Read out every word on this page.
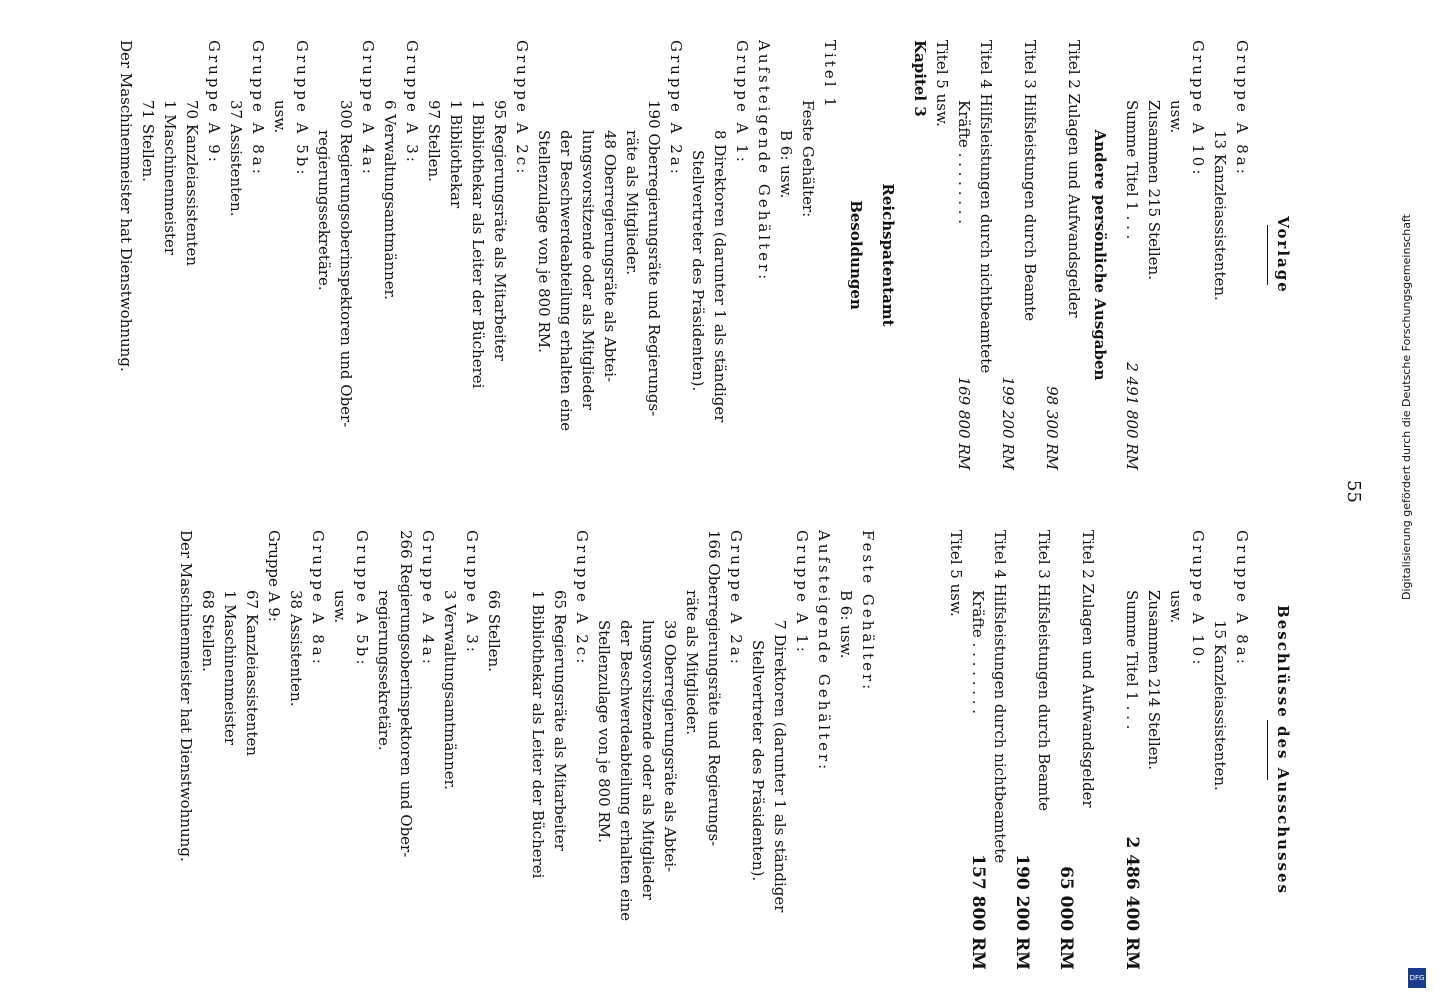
55
Vorlage
Gruppe A 8a:
13 Kanzleiassistenten.
Gruppe A 10:
usw.
Zusammen 215 Stellen.
2 491 800 RM
Summe Titel 1 . . .
Andere persönliche Ausgaben
Titel 2 Zulagen und Aufwandsgelder
98 300 RM

Titel 3 Hilfsleistungen durch Beamte
199 200 RM

Titel 4 Hilfsleistungen durch nichtbeamtete
169 800 RM
Kräfte . . . . . . . .
Titel 5 usw.
Kapitel 3
Reichspatentamt
Besoldungen
Titel 1
Feste Gehälter:
B 6: usw.
Aufsteigende Gehälter:
Gruppe A 1:
8 Direktoren (darunter 1 als ständiger
Stellvertreter des Präsidenten).
Gruppe A 2a:
190 Oberregierungsräte und Regierungs-
räte als Mitglieder.
48 Oberregierungsräte als Abtei-
lungsvorsitzende oder als Mitglieder
der Beschwerdeabteilung erhalten eine
Stellenzulage von je 800 RM.
Gruppe A 2c:
95 Regierungsräte als Mitarbeiter
1 Bibliothekar als Leiter der Bücherei
1 Bibliothekar
97 Stellen.
Gruppe A 3:
6 Verwaltungsamtmänner.
Gruppe A 4a:
300 Regierungsoberinspektoren und Ober-
regierungssekretäre.
Gruppe A 5b:
usw.
Gruppe A 8a:
37 Assistenten.
Gruppe A 9:
70 Kanzleiassistenten
1 Maschinenmeister
71 Stellen.
Der Maschinenmeister hat Dienstwohnung.
Beschlüsse des Ausschusses
Gruppe A 8a:
15 Kanzleiassistenten.
Gruppe A 10:
usw.
Zusammen 214 Stellen.
2 486 400 RM
Summe Titel 1 . . .

Titel 2 Zulagen und Aufwandsgelder
65 000 RM

Titel 3 Hilfsleistungen durch Beamte
190 200 RM

Titel 4 Hilfsleistungen durch nichtbeamtete
157 800 RM
Kräfte . . . . . . . .
Titel 5 usw.

Feste Gehälter:
B 6: usw.
Aufsteigende Gehälter:
Gruppe A 1:
7 Direktoren (darunter 1 als ständiger
Stellvertreter des Präsidenten).
Gruppe A 2a:
166 Oberregierungsräte und Regierungs-
räte als Mitglieder.
39 Oberregierungsräte als Abtei-
lungsvorsitzende oder als Mitglieder
der Beschwerdeabteilung erhalten eine
Stellenzulage von je 800 RM.
Gruppe A 2c:
65 Regierungsräte als Mitarbeiter
1 Bibliothekar als Leiter der Bücherei

66 Stellen.
Gruppe A 3:
3 Verwaltungsamtmänner.
Gruppe A 4a:
266 Regierungsoberinspektoren und Ober-
regierungssekretäre.
Gruppe A 5b:
usw.
Gruppe A 8a:
38 Assistenten.
Gruppe A 9:
67 Kanzleiassistenten
1 Maschinenmeister
68 Stellen.
Der Maschinenmeister hat Dienstwohnung.
Digitalisierung gefördert durch die Deutsche Forschungsgemeinschaft
DFG
